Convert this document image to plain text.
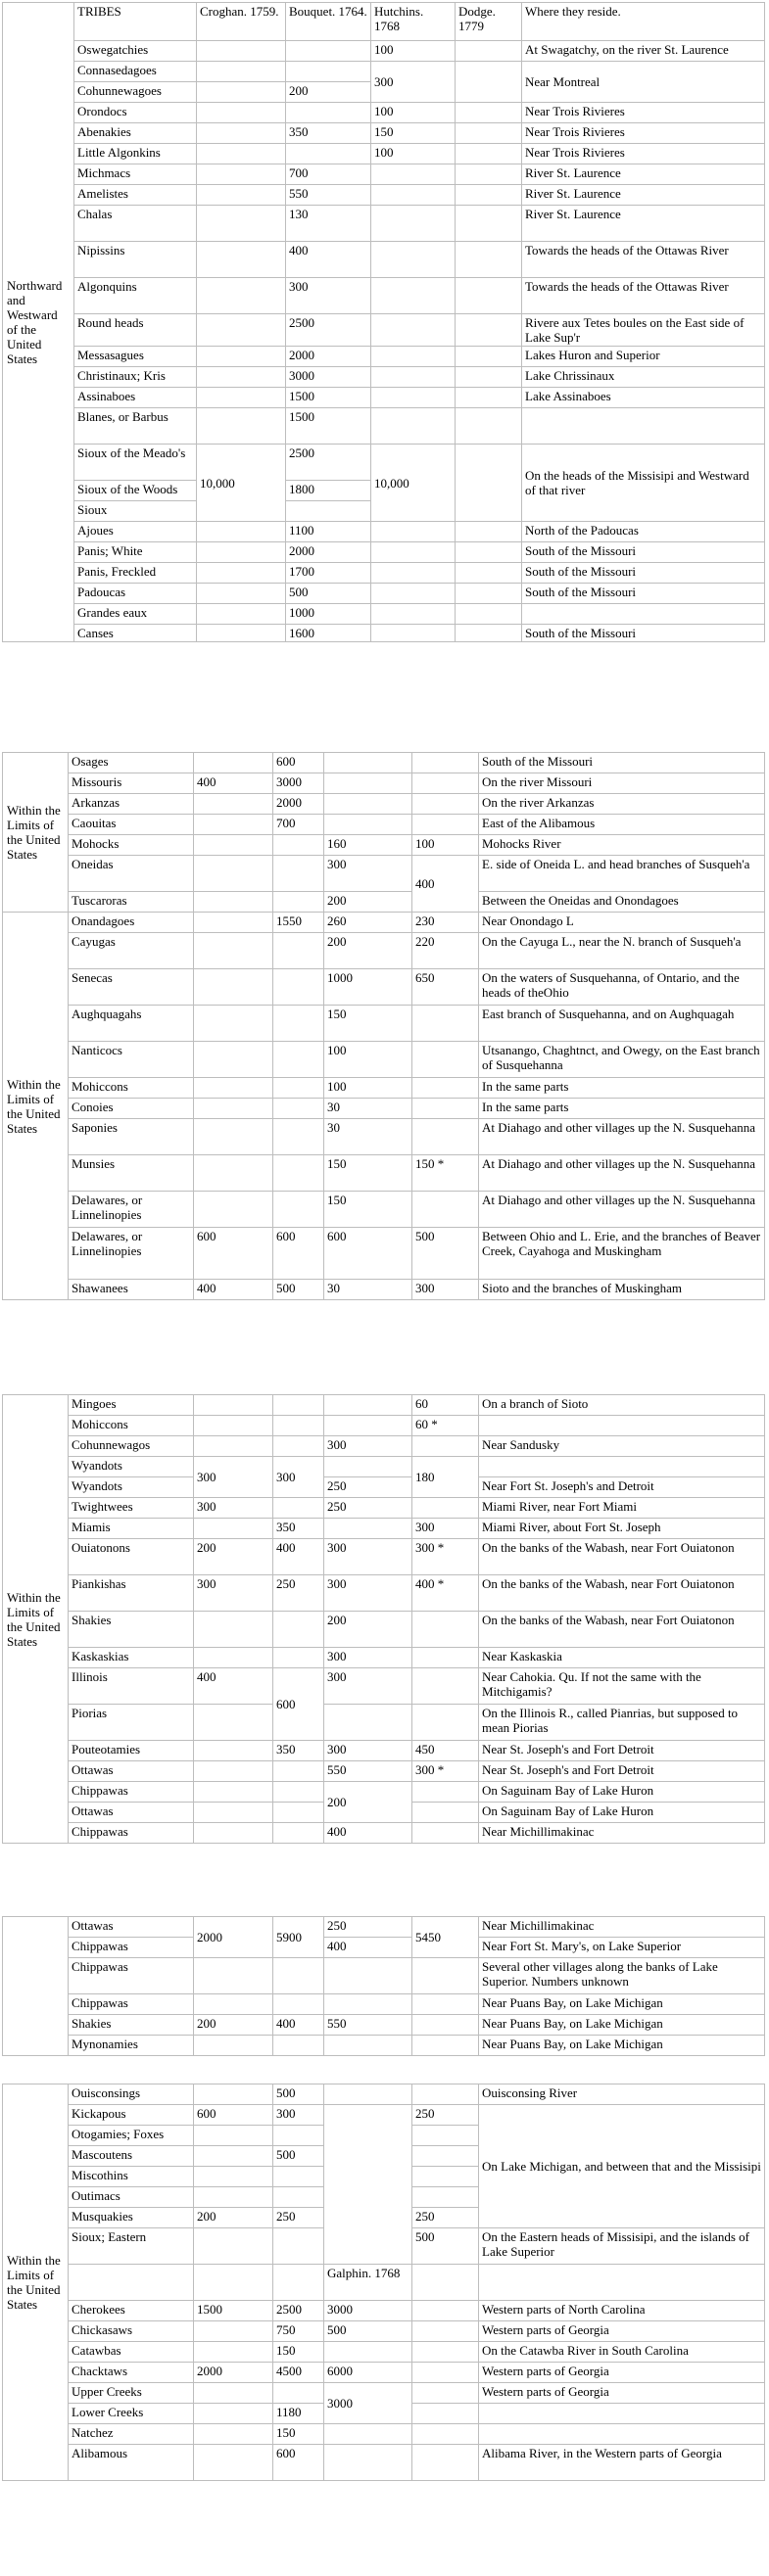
Northward and Westward of the United States	TRIBES	Croghan. 1759.	Bouquet. 1764.	Hutchins. 1768	Dodge. 1779	Where they reside.
	Oswegatchies			100		At Swagatchy, on the river St. Laurence
	Connasedagoes			300		Near Montreal
	Cohunnewagoes		200			
	Orondocs			100		Near Trois Rivieres
	Abenakies		350	150		Near Trois Rivieres
	Little Algonkins			100		Near Trois Rivieres
	Michmacs		700			River St. Laurence
	Amelistes		550			River St. Laurence
	Chalas		130			River St. Laurence
	Nipissins		400			Towards the heads of the Ottawas River
	Algonquins		300			Towards the heads of the Ottawas River
	Round heads		2500			Rivere aux Tetes boules on the East side of Lake Sup'r
	Messasagues		2000			Lakes Huron and Superior
	Christinaux; Kris		3000			Lake Chrissinaux
	Assinaboes		1500			Lake Assinaboes
	Blanes, or Barbus		1500			
	Sioux of the Meado's	10,000	2500	10,000		On the heads of the Missisipi and Westward of that river
	Sioux of the Woods		1800			
	Sioux					
	Ajoues		1100			North of the Padoucas
	Panis; White		2000			South of the Missouri
	Panis, Freckled		1700			South of the Missouri
	Padoucas		500			South of the Missouri
	Grandes eaux		1000			
	Canses		1600			South of the Missouri
Within the Limits of the United States	Osages		600			South of the Missouri
	Missouris	400	3000			On the river Missouri
	Arkanzas		2000			On the river Arkanzas
	Caouitas		700			East of the Alibamous
	Mohocks			160	100	Mohocks River
	Oneidas			300	400	E. side of Oneida L. and head branches of Susqueh'a
	Tuscaroras			200		Between the Oneidas and Onondagoes
Within the Limits of the United States	Onandagoes		1550	260	230	Near Onondago L
	Cayugas			200	220	On the Cayuga L., near the N. branch of Susqueh'a
	Senecas			1000	650	On the waters of Susquehanna, of Ontario, and the heads of theOhio
	Aughquagahs			150		East branch of Susquehanna, and on Aughquagah
	Nanticocs			100		Utsanango, Chaghtnct, and Owegy, on the East branch of Susquehanna
	Mohiccons			100		In the same parts
	Conoies			30		In the same parts
	Saponies			30		At Diahago and other villages up the N. Susquehanna
	Munsies			150	150 *	At Diahago and other villages up the N. Susquehanna
	Delawares, or Linnelinopies			150		At Diahago and other villages up the N. Susquehanna
	Delawares, or Linnelinopies	600	600	600	500	Between Ohio and L. Erie, and the branches of Beaver Creek, Cayahoga and Muskingham
	Shawanees	400	500	30	300	Sioto and the branches of Muskingham
Within the Limits of the United States	Mingoes				60	On a branch of Sioto
	Mohiccons				60 *	
	Cohunnewagos			300		Near Sandusky
	Wyandots	300	300		180	
	Wyandots			250		Near Fort St. Joseph's and Detroit
	Twightwees	300		250		Miami River, near Fort Miami
	Miamis		350		300	Miami River, about Fort St. Joseph
	Ouiatonons	200	400	300	300 *	On the banks of the Wabash, near Fort Ouiatonon
	Piankishas	300	250	300	400 *	On the banks of the Wabash, near Fort Ouiatonon
	Shakies			200		On the banks of the Wabash, near Fort Ouiatonon
	Kaskaskias			300		Near Kaskaskia
	Illinois	400	600	300		Near Cahokia. Qu. If not the same with the Mitchigamis?
	Piorias					On the Illinois R., called Pianrias, but supposed to mean Piorias
	Pouteotamies		350	300	450	Near St. Joseph's and Fort Detroit
	Ottawas			550	300 *	Near St. Joseph's and Fort Detroit
	Chippawas			200		On Saguinam Bay of Lake Huron
	Ottawas					On Saguinam Bay of Lake Huron
	Chippawas			400		Near Michillimakinac
	Ottawas	2000	5900	250	5450	Near Michillimakinac
	Chippawas			400		Near Fort St. Mary's, on Lake Superior
	Chippawas					Several other villages along the banks of Lake Superior. Numbers unknown
	Chippawas					Near Puans Bay, on Lake Michigan
	Shakies	200	400	550		Near Puans Bay, on Lake Michigan
	Mynonamies					Near Puans Bay, on Lake Michigan
Within the Limits of the United States	Ouisconsings		500			Ouisconsing River
	Kickapous	600	300		250	On Lake Michigan, and between that and the Missisipi
	Otogamies; Foxes					
	Mascoutens		500			
	Miscothins					
	Outimacs					
	Musquakies	200	250		250	
	Sioux; Eastern				500	On the Eastern heads of Missisipi, and the islands of Lake Superior
				Galphin. 1768		
	Cherokees	1500	2500	3000		Western parts of North Carolina
	Chickasaws		750	500		Western parts of Georgia
	Catawbas		150			On the Catawba River in South Carolina
	Chacktaws	2000	4500	6000		Western parts of Georgia
	Upper Creeks			3000		Western parts of Georgia
	Lower Creeks		1180			
	Natchez		150			
	Alibamous		600			Alibama River, in the Western parts of Georgia
